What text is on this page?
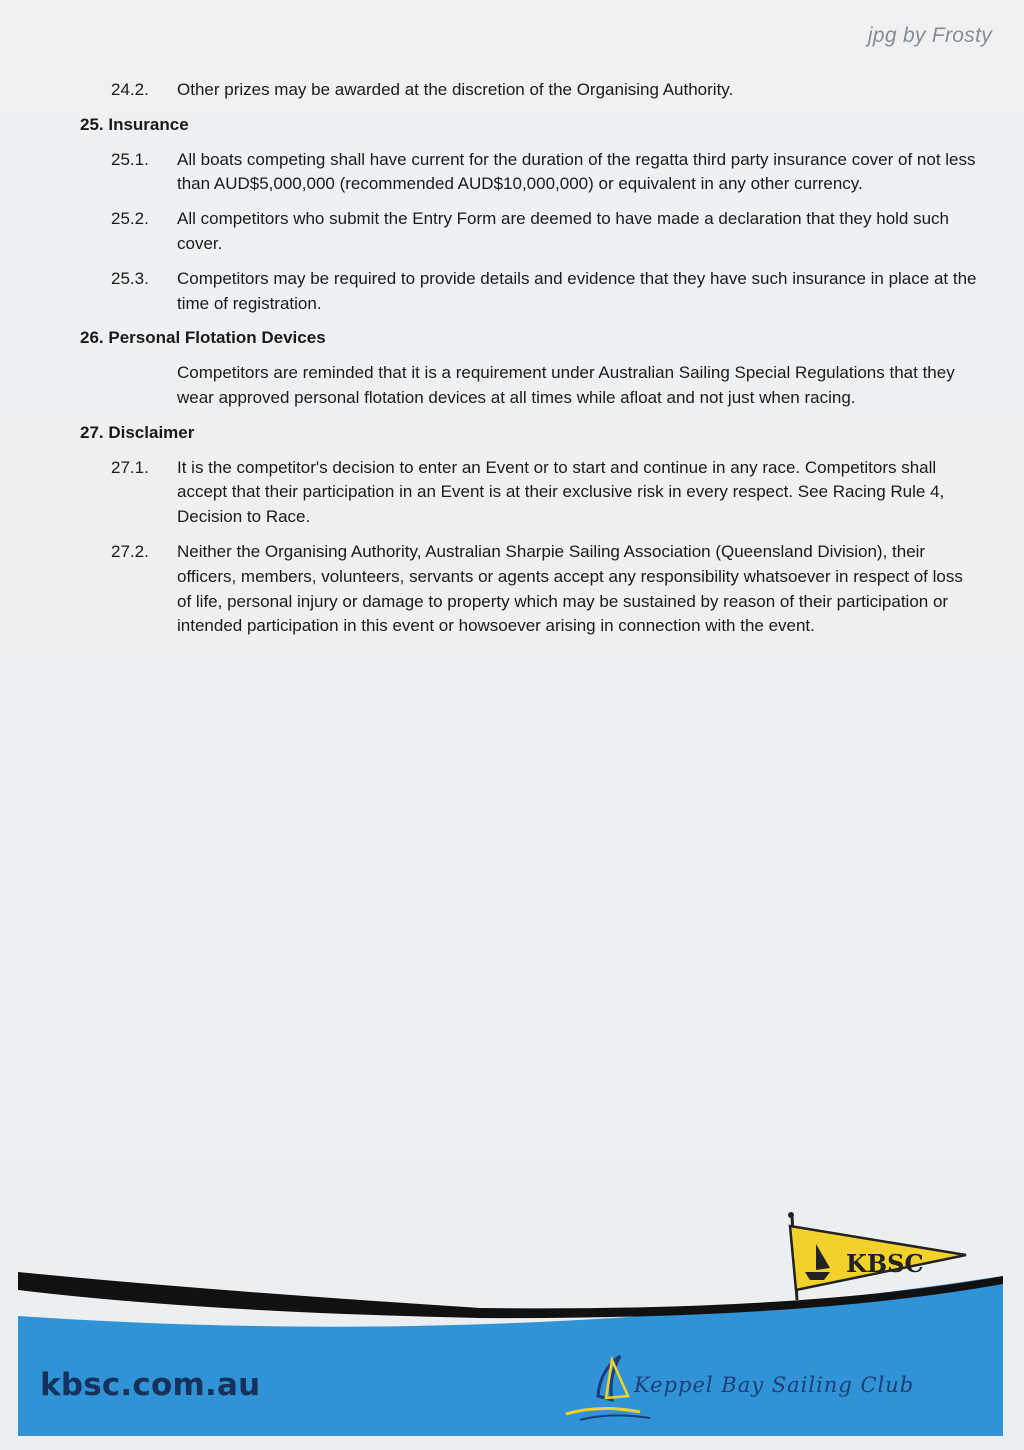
jpg by Frosty
24.2. Other prizes may be awarded at the discretion of the Organising Authority.
25. Insurance
25.1. All boats competing shall have current for the duration of the regatta third party insurance cover of not less than AUD$5,000,000 (recommended AUD$10,000,000) or equivalent in any other currency.
25.2. All competitors who submit the Entry Form are deemed to have made a declaration that they hold such cover.
25.3. Competitors may be required to provide details and evidence that they have such insurance in place at the time of registration.
26. Personal Flotation Devices
Competitors are reminded that it is a requirement under Australian Sailing Special Regulations that they wear approved personal flotation devices at all times while afloat and not just when racing.
27. Disclaimer
27.1. It is the competitor's decision to enter an Event or to start and continue in any race. Competitors shall accept that their participation in an Event is at their exclusive risk in every respect. See Racing Rule 4, Decision to Race.
27.2. Neither the Organising Authority, Australian Sharpie Sailing Association (Queensland Division), their officers, members, volunteers, servants or agents accept any responsibility whatsoever in respect of loss of life, personal injury or damage to property which may be sustained by reason of their participation or intended participation in this event or howsoever arising in connection with the event.
KBSC
kbsc.com.au	Keppel Bay Sailing Club
